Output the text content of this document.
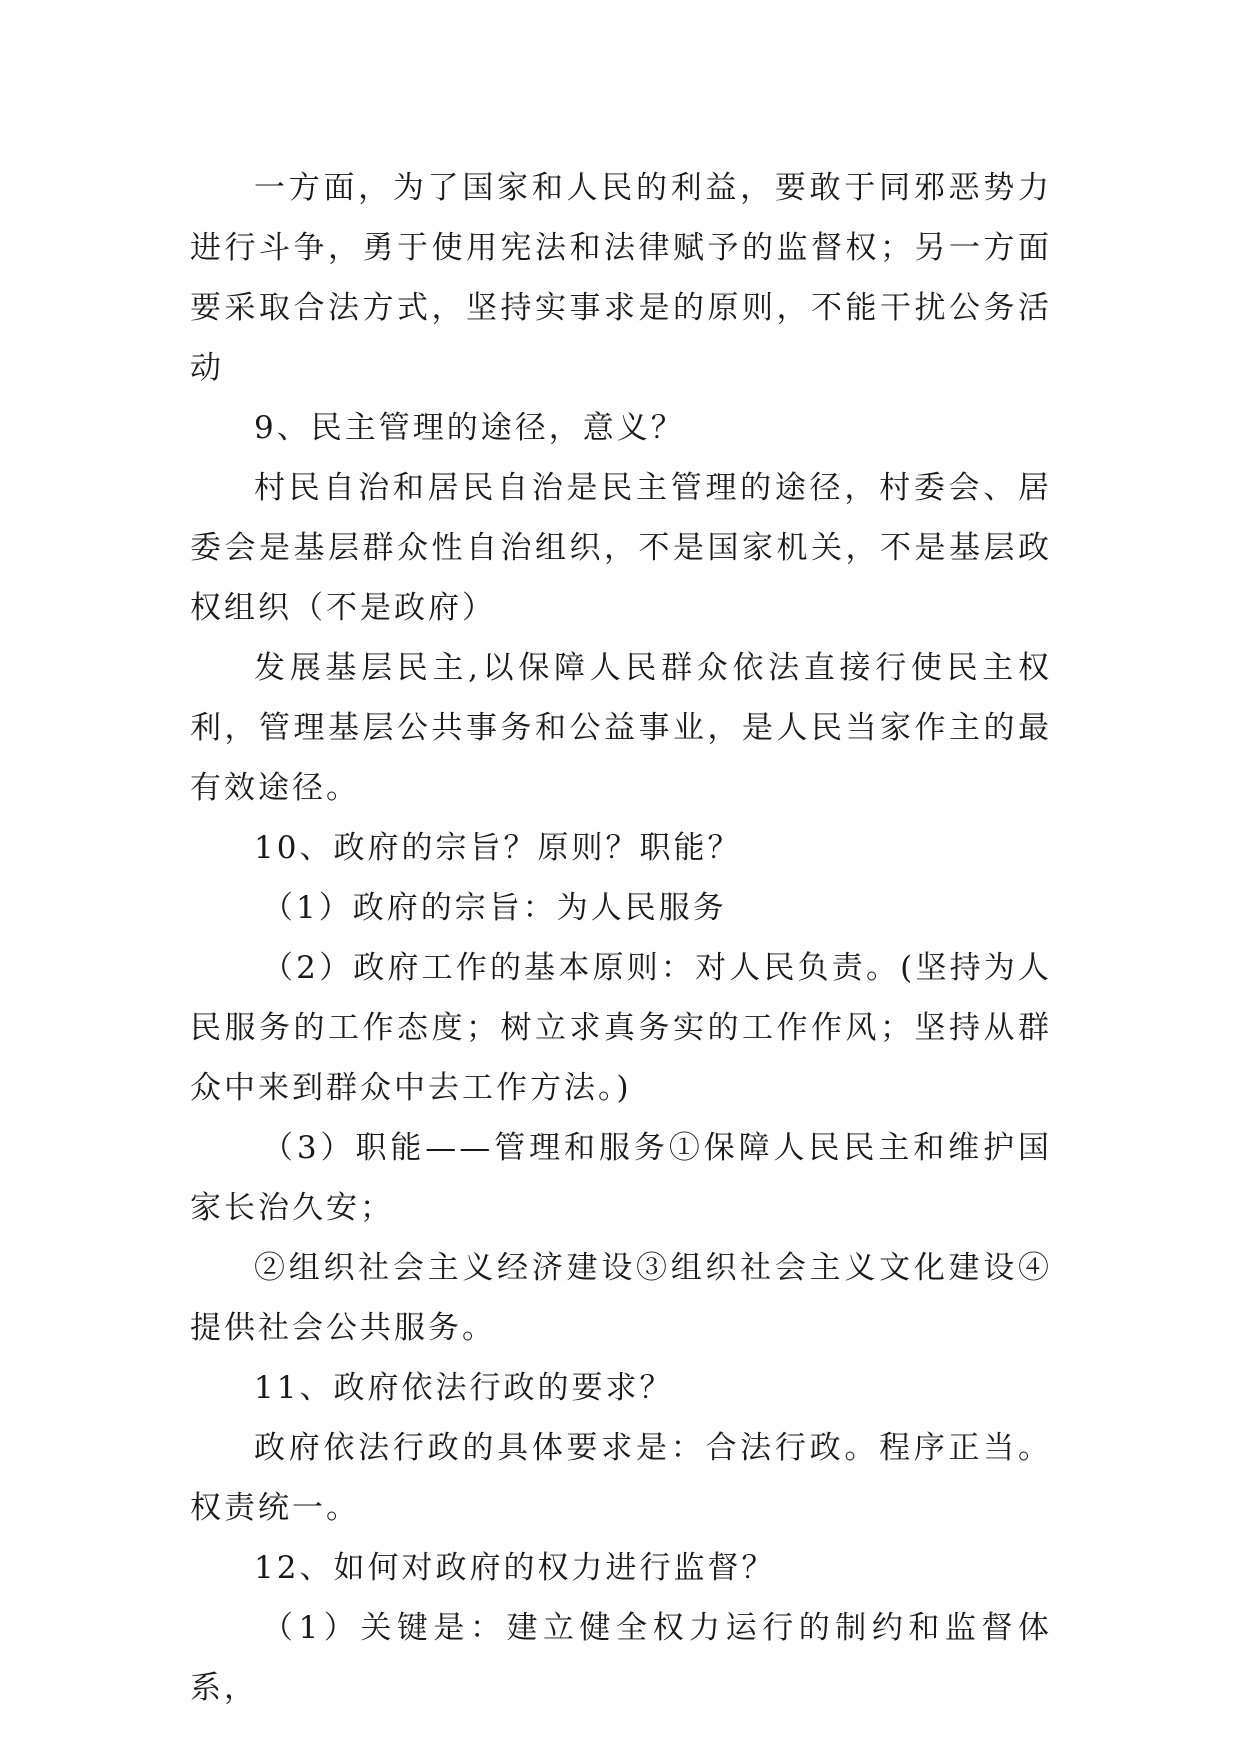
一方面，为了国家和人民的利益，要敢于同邪恶势力进行斗争，勇于使用宪法和法律赋予的监督权；另一方面要采取合法方式，坚持实事求是的原则，不能干扰公务活动

9、民主管理的途径，意义？

村民自治和居民自治是民主管理的途径，村委会、居委会是基层群众性自治组织，不是国家机关，不是基层政权组织（不是政府）

发展基层民主,以保障人民群众依法直接行使民主权利，管理基层公共事务和公益事业，是人民当家作主的最有效途径。

10、政府的宗旨？原则？职能？

（1）政府的宗旨：为人民服务

（2）政府工作的基本原则：对人民负责。(坚持为人民服务的工作态度；树立求真务实的工作作风；坚持从群众中来到群众中去工作方法。)

（3）职能——管理和服务①保障人民民主和维护国家长治久安；

②组织社会主义经济建设③组织社会主义文化建设④提供社会公共服务。

11、政府依法行政的要求？

政府依法行政的具体要求是：合法行政。程序正当。权责统一。

12、如何对政府的权力进行监督？

（1）关键是：建立健全权力运行的制约和监督体系，
